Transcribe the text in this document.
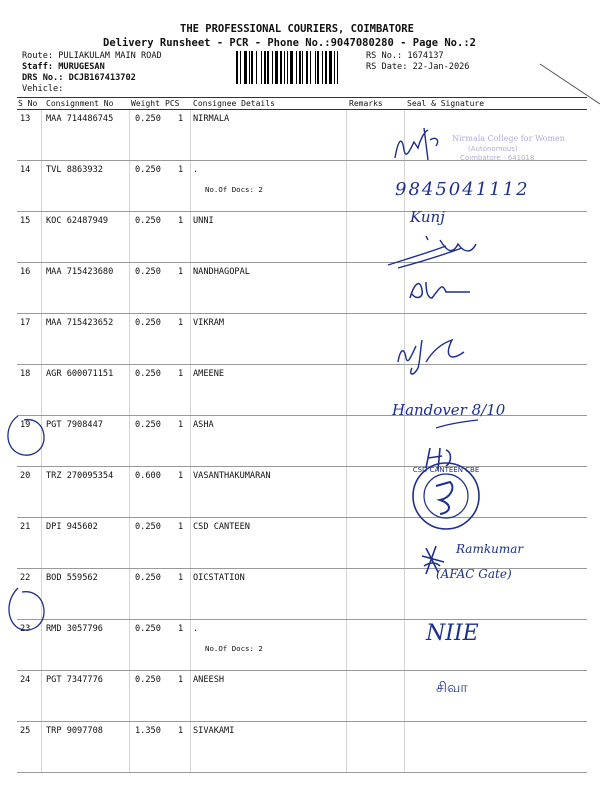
THE PROFESSIONAL COURIERS, COIMBATORE
Delivery Runsheet - PCR - Phone No.:9047080280 - Page No.:2
Route: PULIAKULAM MAIN ROAD
Staff: MURUGESAN
DRS No.: DCJB167413702
Vehicle:
RS No.: 1674137
RS Date: 22-Jan-2026
S No Consignment No Weight PCS Consignee Details	Remarks	Seal & Signature
13 MAA 714486745	0.250 1 NIRMALA
14 TVL 8863932	0.250 1 .
No.Of Docs: 2
15 KOC 62487949	0.250 1 UNNI
16 MAA 715423680	0.250 1 NANDHAGOPAL
17 MAA 715423652	0.250 1 VIKRAM
18 AGR 600071151	0.250 1 AMEENE
19 PGT 7908447	0.250 1 ASHA
20 TRZ 270095354	0.600 1 VASANTHAKUMARAN
21 DPI 945602	0.250 1 CSD CANTEEN
22 BOD 559562	0.250 1 OICSTATION
23 RMD 3057796	0.250 1 .
No.Of Docs: 2
24 PGT 7347776	0.250 1 ANEESH
25 TRP 9097708	1.350 1 SIVAKAMI
Nirmala College for Women
(Autonomous)
Coimbatore - 641018
9845041112
Kunj
Handover 8/10
CSD CANTEEN CBE
Ramkumar
(AFAC Gate)
NIIE
சிவா
